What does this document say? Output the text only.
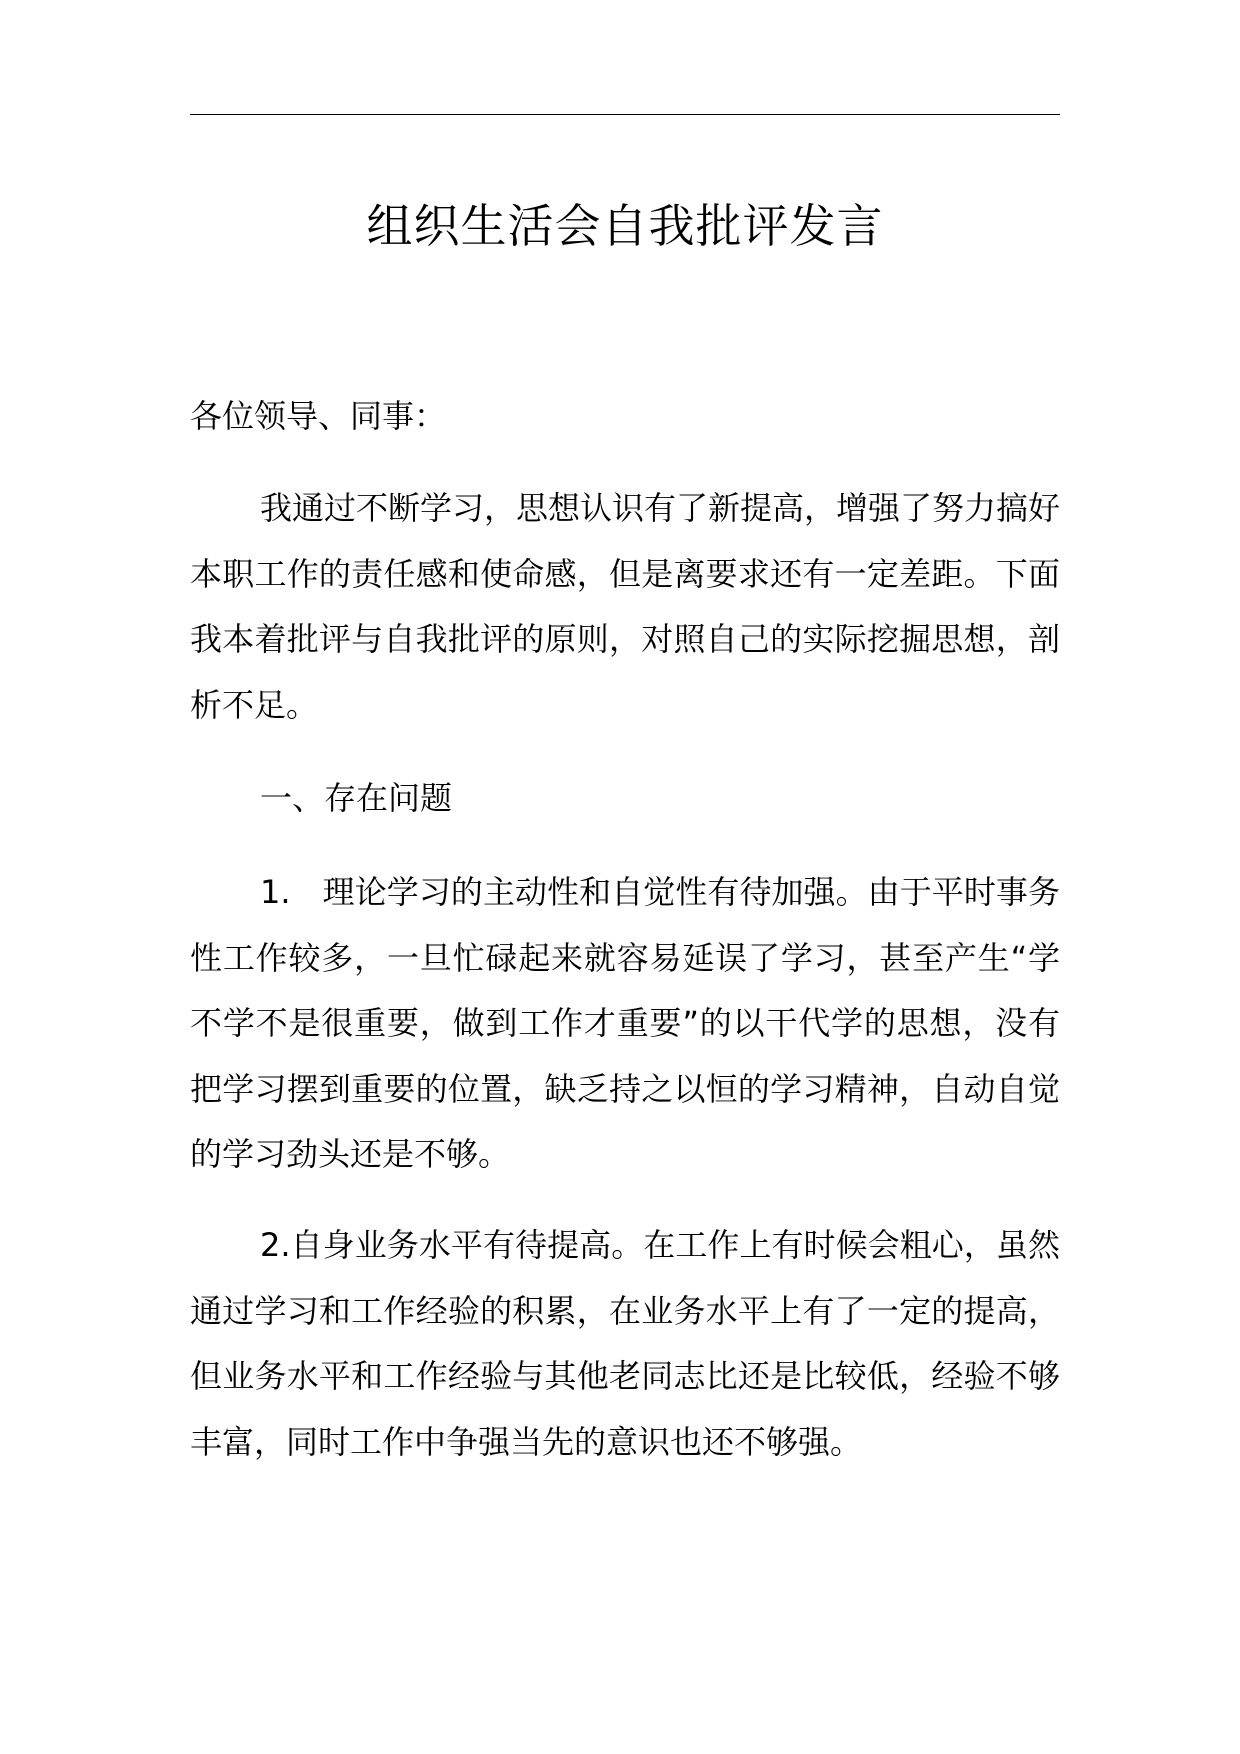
组织生活会自我批评发言

各位领导、同事：

我通过不断学习，思想认识有了新提高，增强了努力搞好本职工作的责任感和使命感，但是离要求还有一定差距。下面我本着批评与自我批评的原则，对照自己的实际挖掘思想，剖析不足。

一、存在问题

1.　理论学习的主动性和自觉性有待加强。由于平时事务性工作较多，一旦忙碌起来就容易延误了学习，甚至产生“学不学不是很重要，做到工作才重要”的以干代学的思想，没有把学习摆到重要的位置，缺乏持之以恒的学习精神，自动自觉的学习劲头还是不够。

2.自身业务水平有待提高。在工作上有时候会粗心，虽然通过学习和工作经验的积累，在业务水平上有了一定的提高，但业务水平和工作经验与其他老同志比还是比较低，经验不够丰富，同时工作中争强当先的意识也还不够强。
